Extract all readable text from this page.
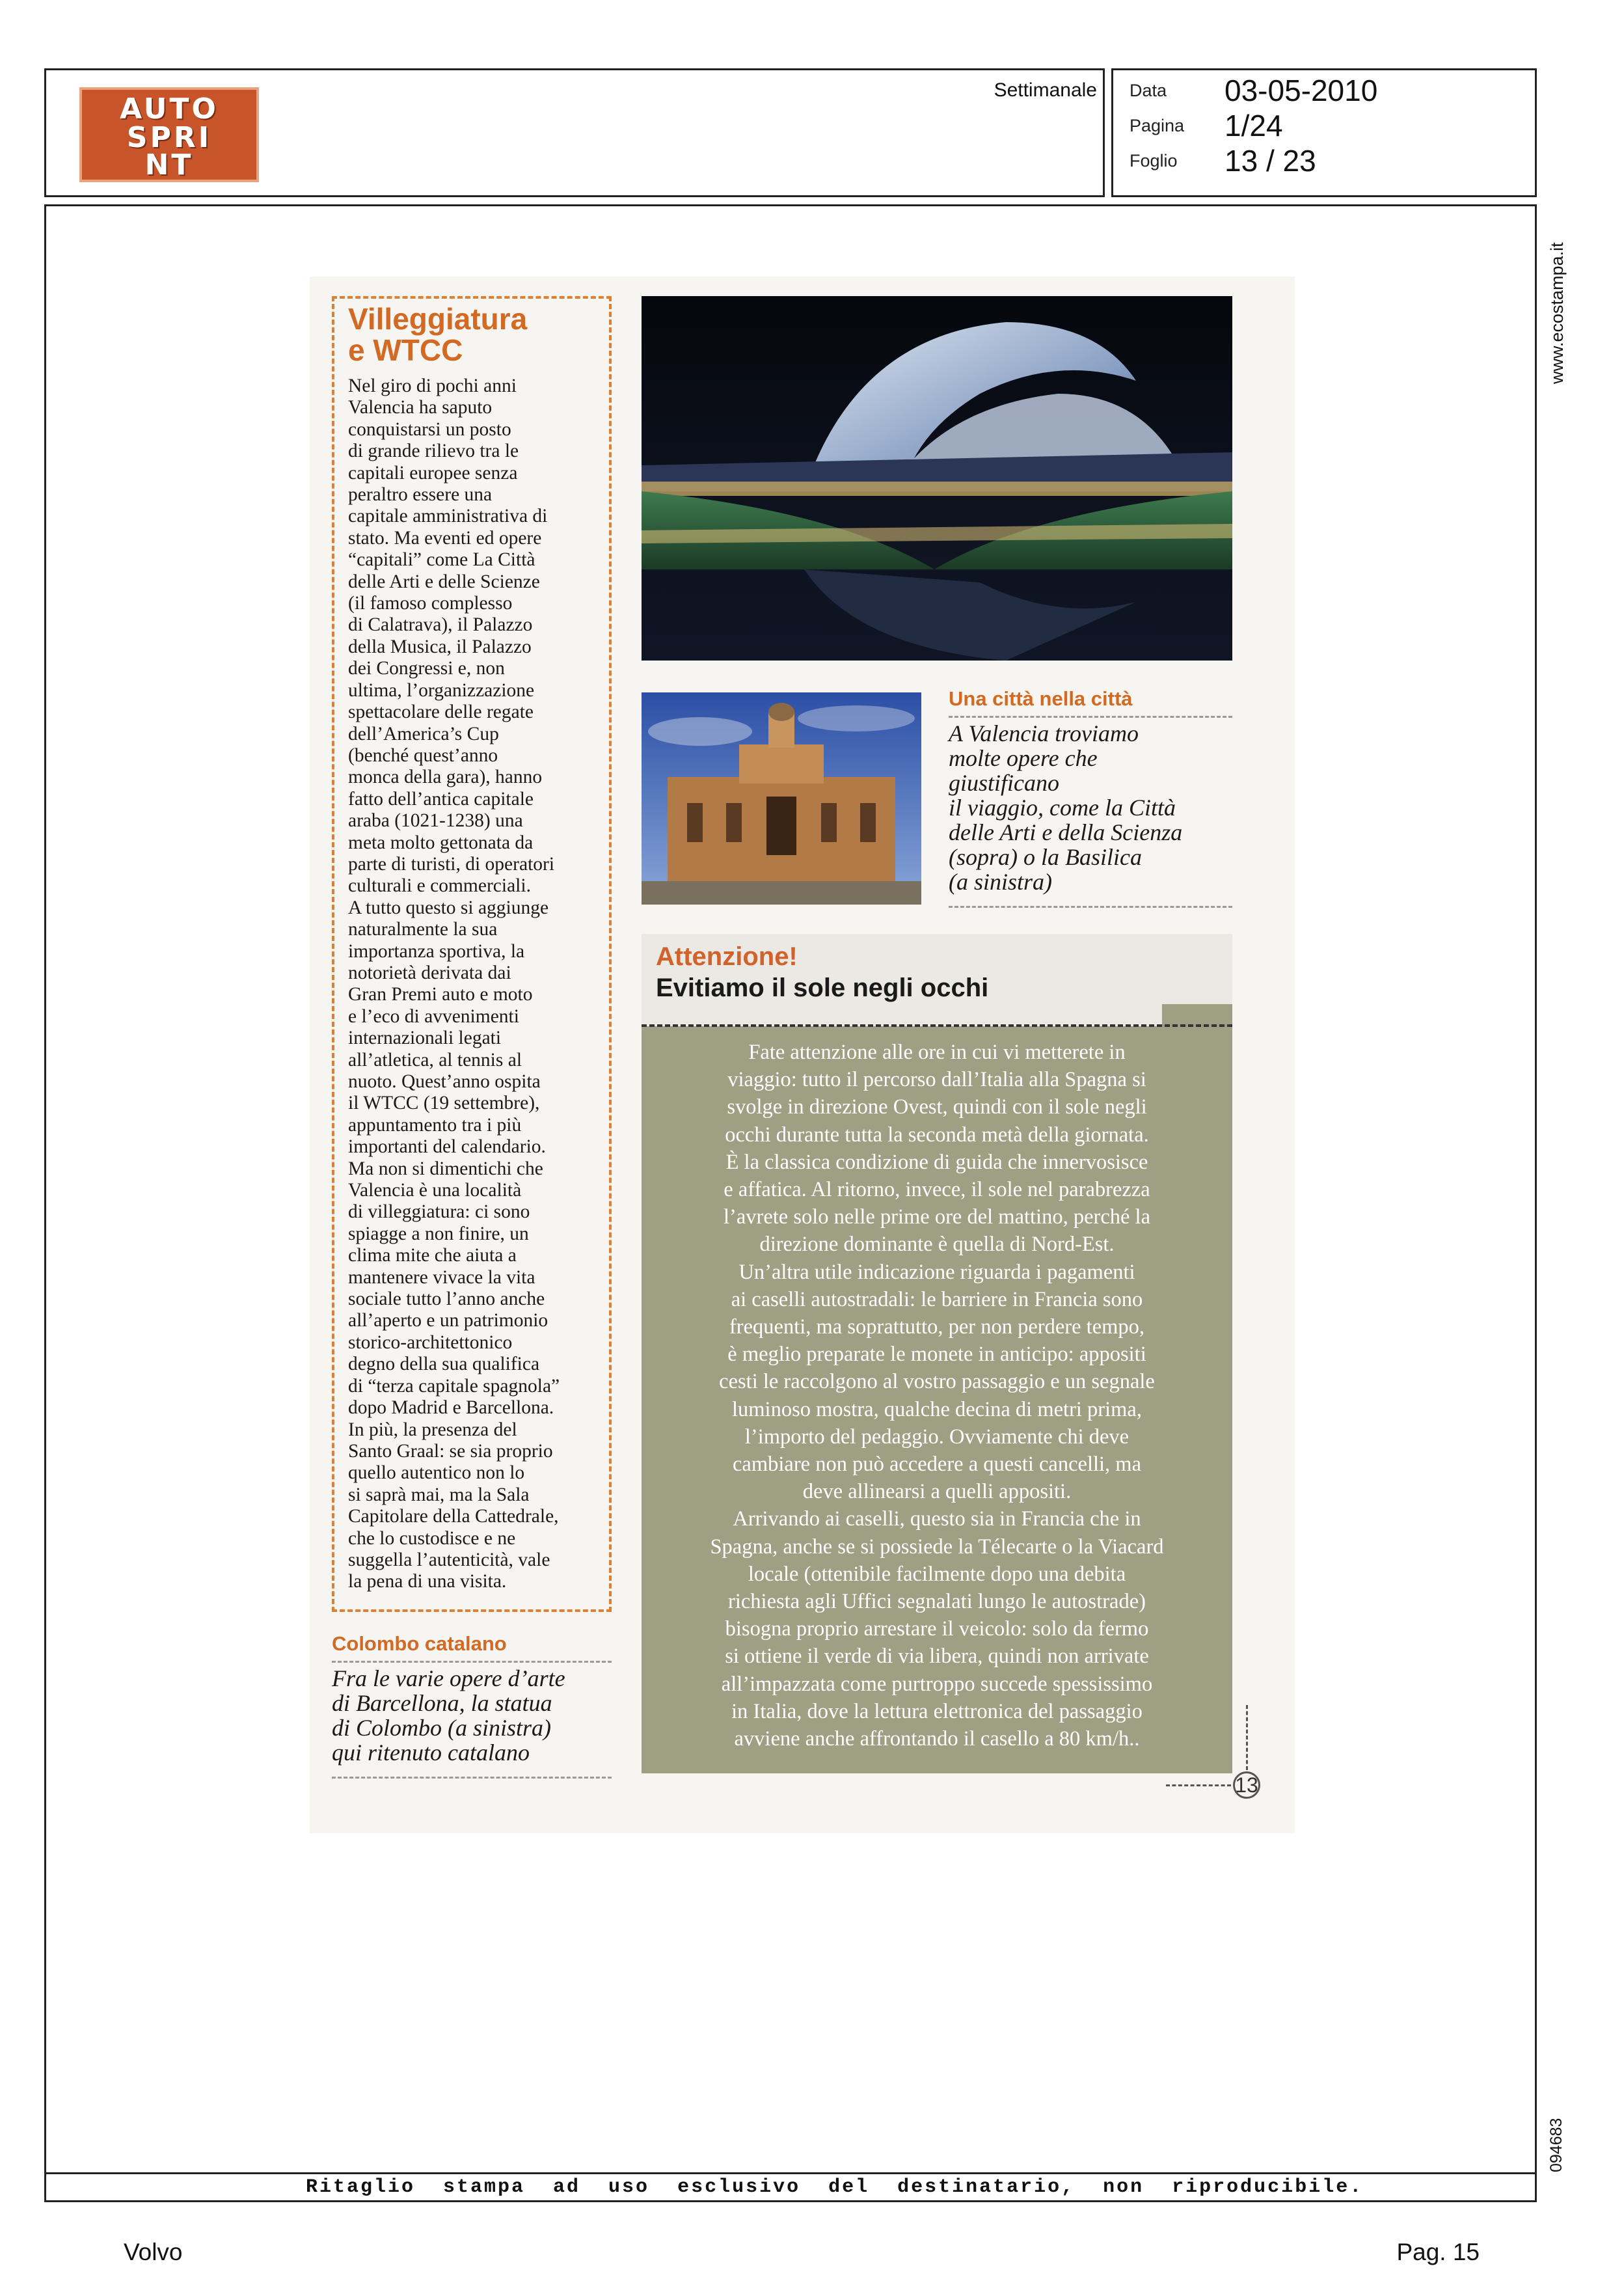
AUTO
SPRI
NT
Settimanale Data 03-05-2010
Pagina 1/24
Foglio 13 / 23
Ritaglio stampa ad uso esclusivo del destinatario, non riproducibile.
www.ecostampa.it
094683
Villeggiatura
e WTCC
Nel giro di pochi anni
Valencia ha saputo
conquistarsi un posto
di grande rilievo tra le
capitali europee senza
peraltro essere una
capitale amministrativa di
stato. Ma eventi ed opere
“capitali” come La Città
delle Arti e delle Scienze
(il famoso complesso
di Calatrava), il Palazzo
della Musica, il Palazzo
dei Congressi e, non
ultima, l’organizzazione
spettacolare delle regate
dell’America’s Cup
(benché quest’anno
monca della gara), hanno
fatto dell’antica capitale
araba (1021-1238) una
meta molto gettonata da
parte di turisti, di operatori
culturali e commerciali.
A tutto questo si aggiunge
naturalmente la sua
importanza sportiva, la
notorietà derivata dai
Gran Premi auto e moto
e l’eco di avvenimenti
internazionali legati
all’atletica, al tennis al
nuoto. Quest’anno ospita
il WTCC (19 settembre),
appuntamento tra i più
importanti del calendario.
Ma non si dimentichi che
Valencia è una località
di villeggiatura: ci sono
spiagge a non finire, un
clima mite che aiuta a
mantenere vivace la vita
sociale tutto l’anno anche
all’aperto e un patrimonio
storico-architettonico
degno della sua qualifica
di “terza capitale spagnola”
dopo Madrid e Barcellona.
In più, la presenza del
Santo Graal: se sia proprio
quello autentico non lo
si saprà mai, ma la Sala
Capitolare della Cattedrale,
che lo custodisce e ne
suggella l’autenticità, vale
la pena di una visita.
Colombo catalano
Fra le varie opere d’arte
di Barcellona, la statua
di Colombo (a sinistra)
qui ritenuto catalano
Una città nella città
A Valencia troviamo
molte opere che
giustificano
il viaggio, come la Città
delle Arti e della Scienza
(sopra) o la Basilica
(a sinistra)
Attenzione!
Evitiamo il sole negli occhi
Fate attenzione alle ore in cui vi metterete in
viaggio: tutto il percorso dall’Italia alla Spagna si
svolge in direzione Ovest, quindi con il sole negli
occhi durante tutta la seconda metà della giornata.
È la classica condizione di guida che innervosisce
e affatica. Al ritorno, invece, il sole nel parabrezza
l’avrete solo nelle prime ore del mattino, perché la
direzione dominante è quella di Nord-Est.
Un’altra utile indicazione riguarda i pagamenti
ai caselli autostradali: le barriere in Francia sono
frequenti, ma soprattutto, per non perdere tempo,
è meglio preparate le monete in anticipo: appositi
cesti le raccolgono al vostro passaggio e un segnale
luminoso mostra, qualche decina di metri prima,
l’importo del pedaggio. Ovviamente chi deve
cambiare non può accedere a questi cancelli, ma
deve allinearsi a quelli appositi.
Arrivando ai caselli, questo sia in Francia che in
Spagna, anche se si possiede la Télecarte o la Viacard
locale (ottenibile facilmente dopo una debita
richiesta agli Uffici segnalati lungo le autostrade)
bisogna proprio arrestare il veicolo: solo da fermo
si ottiene il verde di via libera, quindi non arrivate
all’impazzata come purtroppo succede spessissimo
in Italia, dove la lettura elettronica del passaggio
avviene anche affrontando il casello a 80 km/h..
13
Volvo	Pag. 15
